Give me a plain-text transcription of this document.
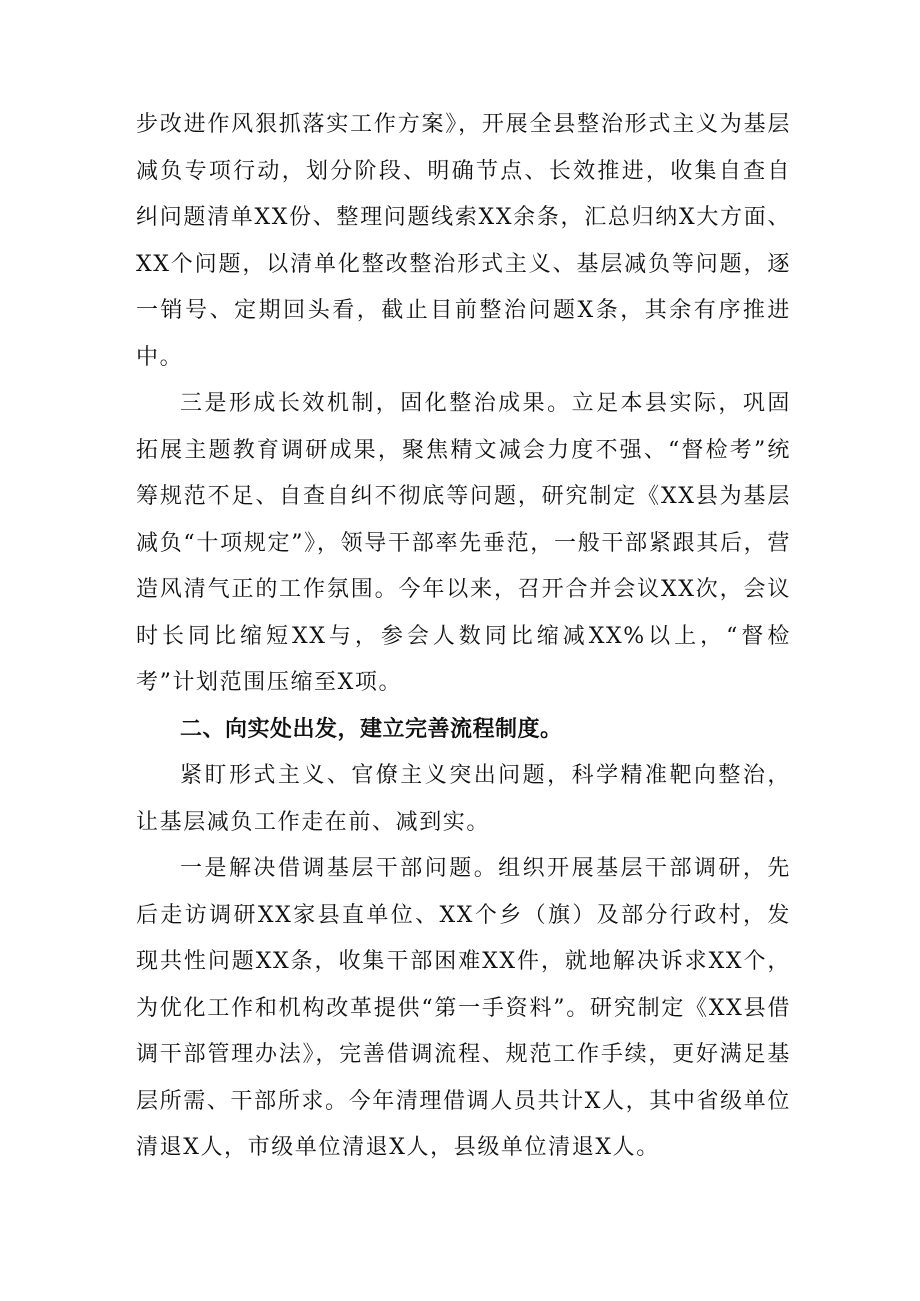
步改进作风狠抓落实工作方案》，开展全县整治形式主义为基层减负专项行动，划分阶段、明确节点、长效推进，收集自查自纠问题清单XX份、整理问题线索XX余条，汇总归纳X大方面、XX个问题，以清单化整改整治形式主义、基层减负等问题，逐一销号、定期回头看，截止目前整治问题X条，其余有序推进中。

三是形成长效机制，固化整治成果。立足本县实际，巩固拓展主题教育调研成果，聚焦精文减会力度不强、“督检考”统筹规范不足、自查自纠不彻底等问题，研究制定《XX县为基层减负“十项规定”》，领导干部率先垂范，一般干部紧跟其后，营造风清气正的工作氛围。今年以来，召开合并会议XX次，会议时长同比缩短XX与，参会人数同比缩减XX%以上，“督检考”计划范围压缩至X项。

二、向实处出发，建立完善流程制度。

紧盯形式主义、官僚主义突出问题，科学精准靶向整治，让基层减负工作走在前、减到实。

一是解决借调基层干部问题。组织开展基层干部调研，先后走访调研XX家县直单位、XX个乡（旗）及部分行政村，发现共性问题XX条，收集干部困难XX件，就地解决诉求XX个，为优化工作和机构改革提供“第一手资料”。研究制定《XX县借调干部管理办法》，完善借调流程、规范工作手续，更好满足基层所需、干部所求。今年清理借调人员共计X人，其中省级单位清退X人，市级单位清退X人，县级单位清退X人。
